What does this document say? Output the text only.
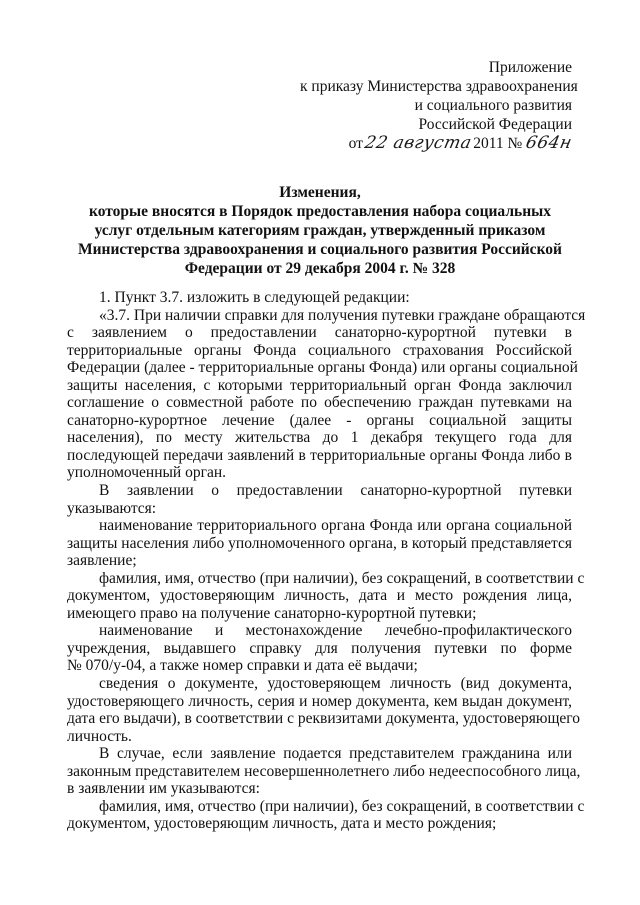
Приложение
к приказу Министерства здравоохранения
и социального развития
Российской Федерации
от22 августа2011 № 664н
Изменения,
которые вносятся в Порядок предоставления набора социальных
услуг отдельным категориям граждан, утвержденный приказом
Министерства здравоохранения и социального развития Российской
Федерации от 29 декабря 2004 г. № 328
1. Пункт 3.7. изложить в следующей редакции:
«3.7. При наличии справки для получения путевки граждане обращаются
с заявлением о предоставлении санаторно-курортной путевки в
территориальные органы Фонда социального страхования Российской
Федерации (далее - территориальные органы Фонда) или органы социальной
защиты населения, с которыми территориальный орган Фонда заключил
соглашение о совместной работе по обеспечению граждан путевками на
санаторно-курортное лечение (далее - органы социальной защиты
населения), по месту жительства до 1 декабря текущего года для
последующей передачи заявлений в территориальные органы Фонда либо в
уполномоченный орган.
В заявлении о предоставлении санаторно-курортной путевки
указываются:
наименование территориального органа Фонда или органа социальной
защиты населения либо уполномоченного органа, в который представляется
заявление;
фамилия, имя, отчество (при наличии), без сокращений, в соответствии с
документом, удостоверяющим личность, дата и место рождения лица,
имеющего право на получение санаторно-курортной путевки;
наименование и местонахождение лечебно-профилактического
учреждения, выдавшего справку для получения путевки по форме
№ 070/у-04, а также номер справки и дата её выдачи;
сведения о документе, удостоверяющем личность (вид документа,
удостоверяющего личность, серия и номер документа, кем выдан документ,
дата его выдачи), в соответствии с реквизитами документа, удостоверяющего
личность.
В случае, если заявление подается представителем гражданина или
законным представителем несовершеннолетнего либо недееспособного лица,
в заявлении им указываются:
фамилия, имя, отчество (при наличии), без сокращений, в соответствии с
документом, удостоверяющим личность, дата и место рождения;
